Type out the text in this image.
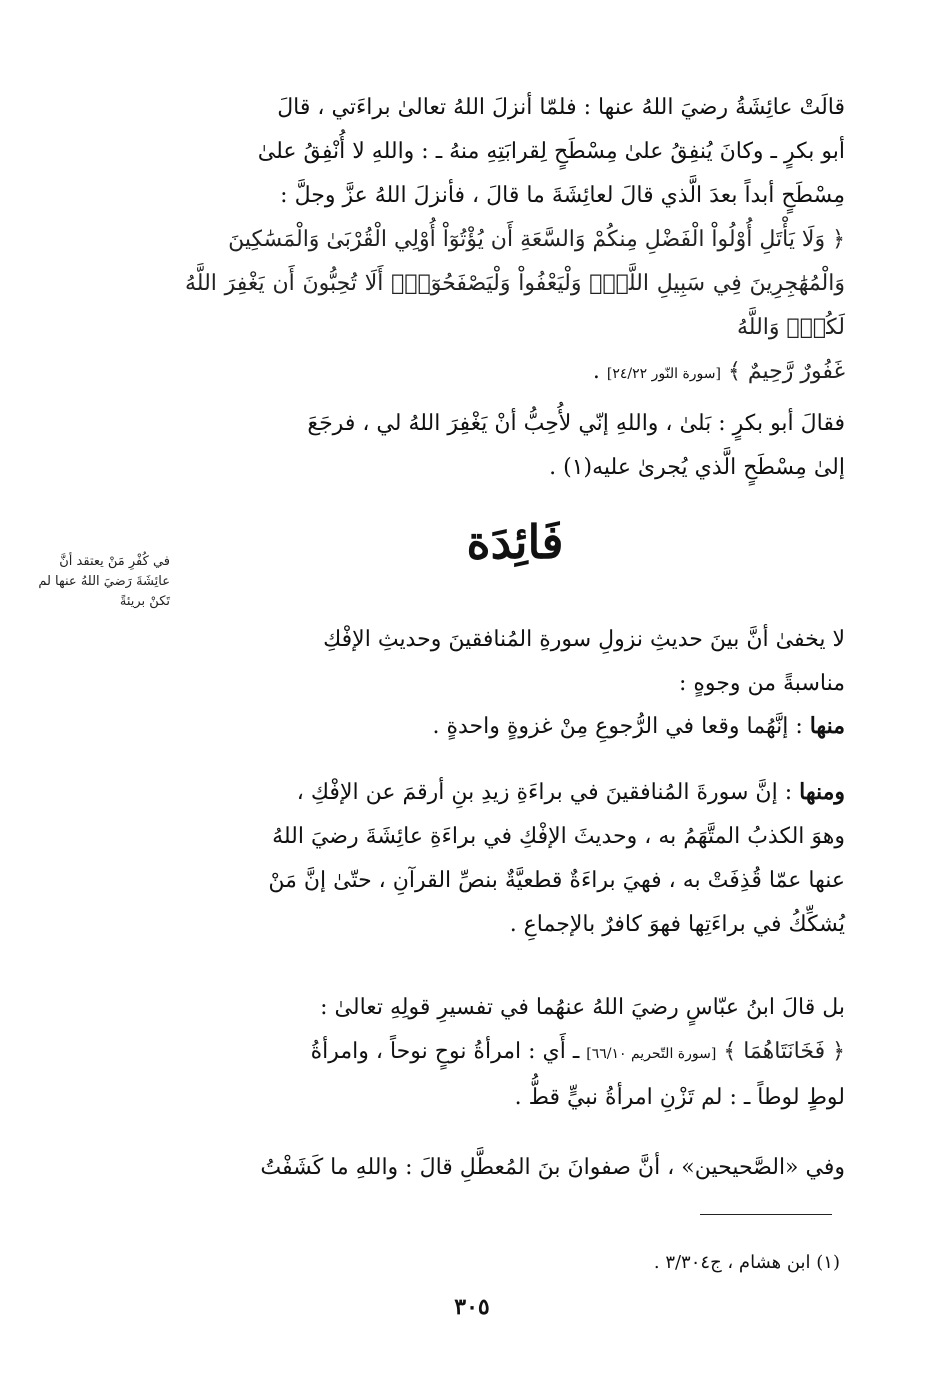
قالَتْ عائِشَةُ رضيَ اللهُ عنها : فلمّا أنزلَ اللهُ تعالىٰ براءَتي ، قالَ
أبو بكرٍ ـ وكانَ يُنفِقُ علىٰ مِسْطَحٍ لِقرابَتِهِ منهُ ـ : واللهِ لا أُنْفِقُ علىٰ
مِسْطَحٍ أبداً بعدَ الَّذي قالَ لعائِشَةَ ما قالَ ، فأنزلَ اللهُ عزَّ وجلَّ :
﴿ وَلَا يَأْتَلِ أُوْلُواْ الْفَضْلِ مِنكُمْ وَالسَّعَةِ أَن يُؤْتُوٓاْ أُوْلِي الْقُرْبَىٰ وَالْمَسَٰكِينَ
وَالْمُهَٰجِرِينَ فِي سَبِيلِ اللَّهِۖ وَلْيَعْفُواْ وَلْيَصْفَحُوٓاْۗ أَلَا تُحِبُّونَ أَن يَغْفِرَ اللَّهُ لَكُمْۗ وَاللَّهُ
غَفُورٌ رَّحِيمٌ ﴾ [سورة النّور ٢٤/٢٢] .

فقالَ أبو بكرٍ : بَلىٰ ، واللهِ إنّي لأُحِبُّ أنْ يَغْفِرَ اللهُ لي ، فرجَعَ
إلىٰ مِسْطَحٍ الَّذي يُجرىٰ عليه(١) .

فَائِدَة
في كُفْرِ مَنْ يعتقد أنَّ
عائِشَةَ رَضيَ اللهُ عنها لم
تَكنْ بريئةً

لا يخفىٰ أنَّ بينَ حديثِ نزولِ سورةِ المُنافقينَ وحديثِ الإفْكِ
مناسبةً من وجوهٍ :

منها : إنَّهُما وقعا في الرُّجوعِ مِنْ غزوةٍ واحدةٍ .

ومنها : إنَّ سورةَ المُنافقينَ في براءَةِ زيدِ بنِ أرقمَ عن الإفْكِ ،
وهوَ الكذبُ المتَّهَمُ به ، وحديثَ الإفْكِ في براءَةِ عائِشَةَ رضيَ اللهُ
عنها عمّا قُذِفَتْ به ، فهيَ براءَةٌ قطعيَّةٌ بنصِّ القرآنِ ، حتّىٰ إنَّ مَنْ
يُشكِّكُ في براءَتِها فهوَ كافرٌ بالإجماعِ .

بل قالَ ابنُ عبّاسٍ رضيَ اللهُ عنهُما في تفسيرِ قولِهِ تعالىٰ :
﴿ فَخَانَتَاهُمَا ﴾ [سورة التّحريم ٦٦/١٠] ـ أَي : امرأةُ نوحٍ نوحاً ، وامرأةُ
لوطٍ لوطاً ـ : لم تَزْنِ امرأةُ نبيٍّ قطُّ .

وفي «الصَّحيحين» ، أنَّ صفوانَ بنَ المُعطَّلِ قالَ : واللهِ ما كَشَفْتُ

(١) ابن هشام ، ج٣/٣٠٤ .
٣٠٥
